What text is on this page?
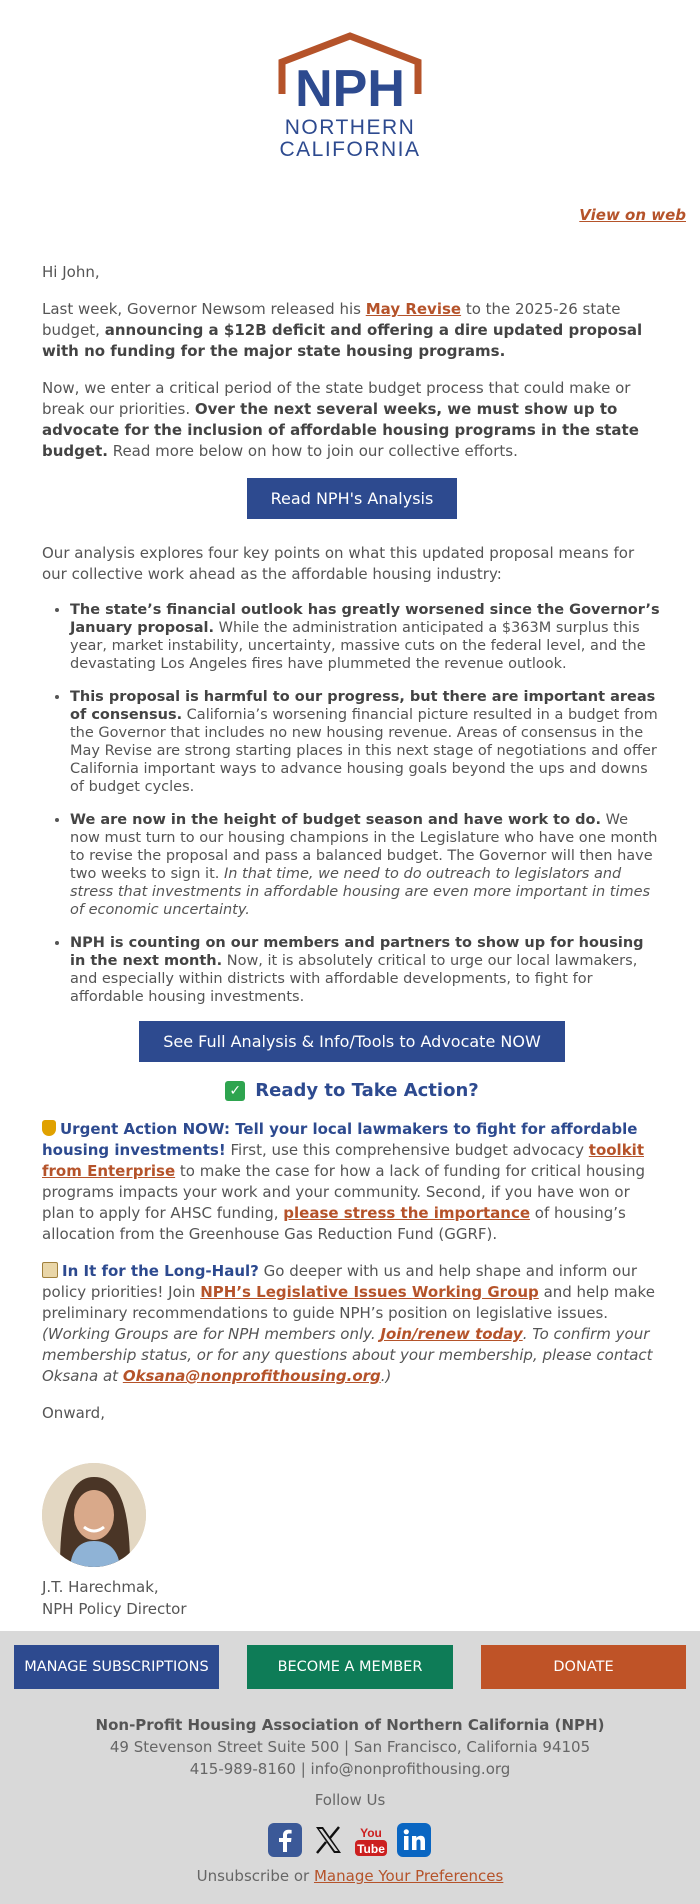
NPH
NORTHERN
CALIFORNIA
View on web

Hi John,

Last week, Governor Newsom released his May Revise to the 2025-26 state budget, announcing a $12B deficit and offering a dire updated proposal with no funding for the major state housing programs.

Now, we enter a critical period of the state budget process that could make or break our priorities. Over the next several weeks, we must show up to advocate for the inclusion of affordable housing programs in the state budget. Read more below on how to join our collective efforts.

Read NPH's Analysis

Our analysis explores four key points on what this updated proposal means for our collective work ahead as the affordable housing industry:

• The state’s financial outlook has greatly worsened since the Governor’s January proposal. While the administration anticipated a $363M surplus this year, market instability, uncertainty, massive cuts on the federal level, and the devastating Los Angeles fires have plummeted the revenue outlook.
• This proposal is harmful to our progress, but there are important areas of consensus. California’s worsening financial picture resulted in a budget from the Governor that includes no new housing revenue. Areas of consensus in the May Revise are strong starting places in this next stage of negotiations and offer California important ways to advance housing goals beyond the ups and downs of budget cycles.
• We are now in the height of budget season and have work to do. We now must turn to our housing champions in the Legislature who have one month to revise the proposal and pass a balanced budget. The Governor will then have two weeks to sign it. In that time, we need to do outreach to legislators and stress that investments in affordable housing are even more important in times of economic uncertainty.
• NPH is counting on our members and partners to show up for housing in the next month. Now, it is absolutely critical to urge our local lawmakers, and especially within districts with affordable developments, to fight for affordable housing investments.
See Full Analysis & Info/Tools to Advocate NOW
✓ Ready to Take Action?

Urgent Action NOW: Tell your local lawmakers to fight for affordable housing investments! First, use this comprehensive budget advocacy toolkit from Enterprise to make the case for how a lack of funding for critical housing programs impacts your work and your community. Second, if you have won or plan to apply for AHSC funding, please stress the importance of housing’s allocation from the Greenhouse Gas Reduction Fund (GGRF).

In It for the Long-Haul? Go deeper with us and help shape and inform our policy priorities! Join NPH’s Legislative Issues Working Group and help make preliminary recommendations to guide NPH’s position on legislative issues. (Working Groups are for NPH members only. Join/renew today. To confirm your membership status, or for any questions about your membership, please contact Oksana at Oksana@nonprofithousing.org.)

Onward,

J.T. Harechmak,
NPH Policy Director
MANAGE SUBSCRIPTIONS	BECOME A MEMBER	DONATE
Non-Profit Housing Association of Northern California (NPH)
49 Stevenson Street Suite 500 | San Francisco, California 94105
415-989-8160 | info@nonprofithousing.org
Follow Us
You
Tube
Unsubscribe or Manage Your Preferences
